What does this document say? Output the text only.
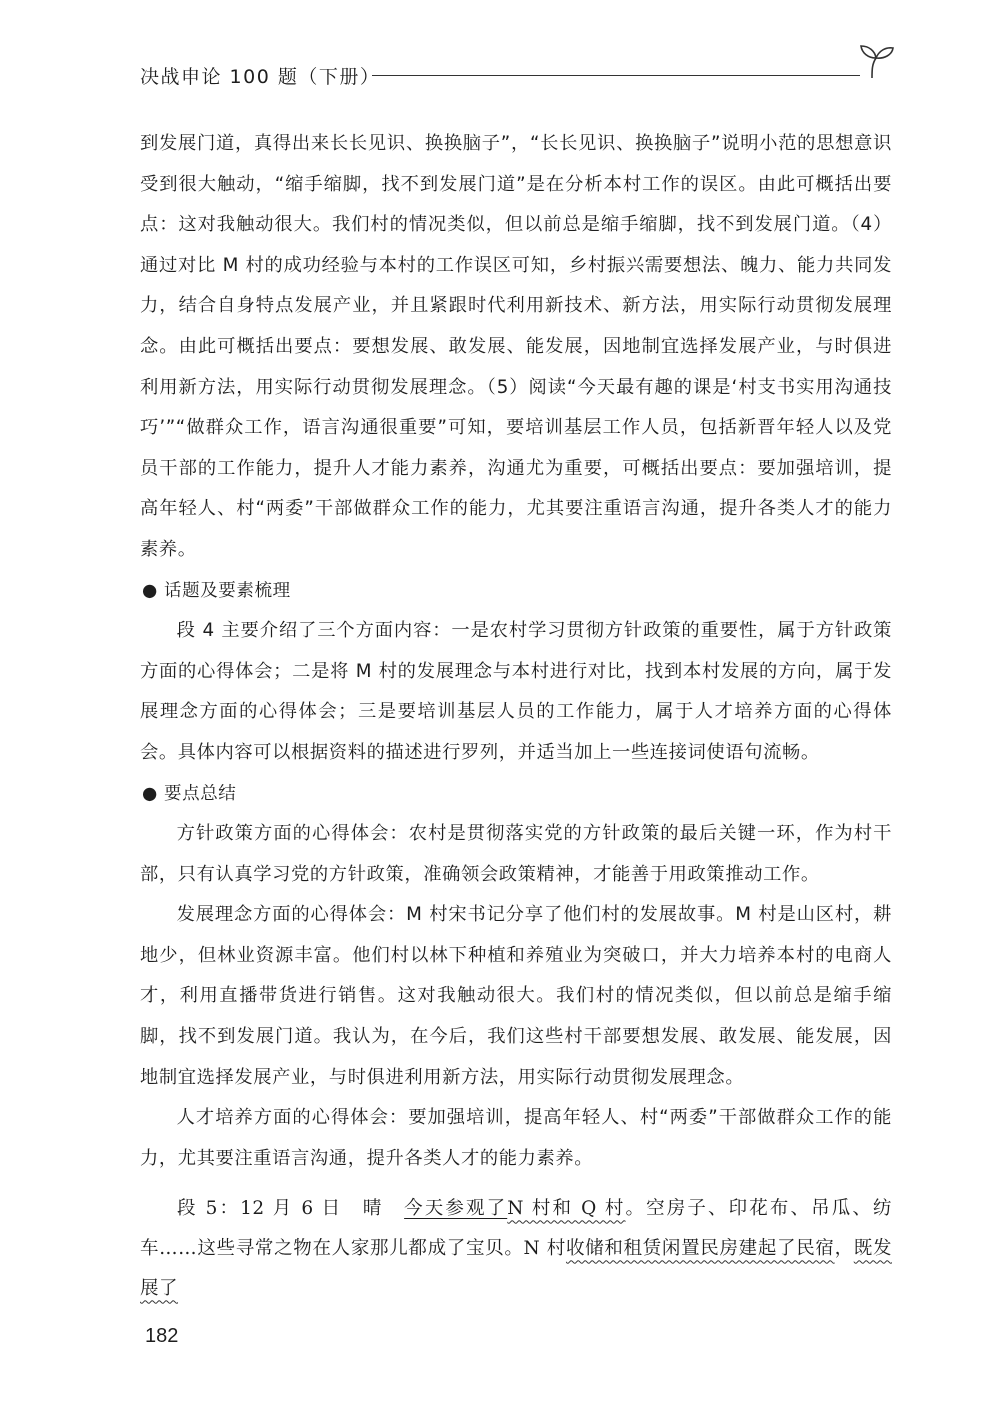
决战申论 100 题（下册）

到发展门道，真得出来长长见识、换换脑子”，“长长见识、换换脑子”说明小范的思想意识受到很大触动，“缩手缩脚，找不到发展门道”是在分析本村工作的误区。由此可概括出要点：这对我触动很大。我们村的情况类似，但以前总是缩手缩脚，找不到发展门道。（4）通过对比 M 村的成功经验与本村的工作误区可知，乡村振兴需要想法、魄力、能力共同发力，结合自身特点发展产业，并且紧跟时代利用新技术、新方法，用实际行动贯彻发展理念。由此可概括出要点：要想发展、敢发展、能发展，因地制宜选择发展产业，与时俱进利用新方法，用实际行动贯彻发展理念。（5）阅读“今天最有趣的课是‘村支书实用沟通技巧’”“做群众工作，语言沟通很重要”可知，要培训基层工作人员，包括新晋年轻人以及党员干部的工作能力，提升人才能力素养，沟通尤为重要，可概括出要点：要加强培训，提高年轻人、村“两委”干部做群众工作的能力，尤其要注重语言沟通，提升各类人才的能力素养。

● 话题及要素梳理

段 4 主要介绍了三个方面内容：一是农村学习贯彻方针政策的重要性，属于方针政策方面的心得体会；二是将 M 村的发展理念与本村进行对比，找到本村发展的方向，属于发展理念方面的心得体会；三是要培训基层人员的工作能力，属于人才培养方面的心得体会。具体内容可以根据资料的描述进行罗列，并适当加上一些连接词使语句流畅。

● 要点总结

方针政策方面的心得体会：农村是贯彻落实党的方针政策的最后关键一环，作为村干部，只有认真学习党的方针政策，准确领会政策精神，才能善于用政策推动工作。

发展理念方面的心得体会：M 村宋书记分享了他们村的发展故事。M 村是山区村，耕地少，但林业资源丰富。他们村以林下种植和养殖业为突破口，并大力培养本村的电商人才，利用直播带货进行销售。这对我触动很大。我们村的情况类似，但以前总是缩手缩脚，找不到发展门道。我认为，在今后，我们这些村干部要想发展、敢发展、能发展，因地制宜选择发展产业，与时俱进利用新方法，用实际行动贯彻发展理念。

人才培养方面的心得体会：要加强培训，提高年轻人、村“两委”干部做群众工作的能力，尤其要注重语言沟通，提升各类人才的能力素养。

段 5：12 月 6 日　晴　今天参观了N 村和 Q 村。空房子、印花布、吊瓜、纺车……这些寻常之物在人家那儿都成了宝贝。N 村收储和租赁闲置民房建起了民宿，既发展了

182
